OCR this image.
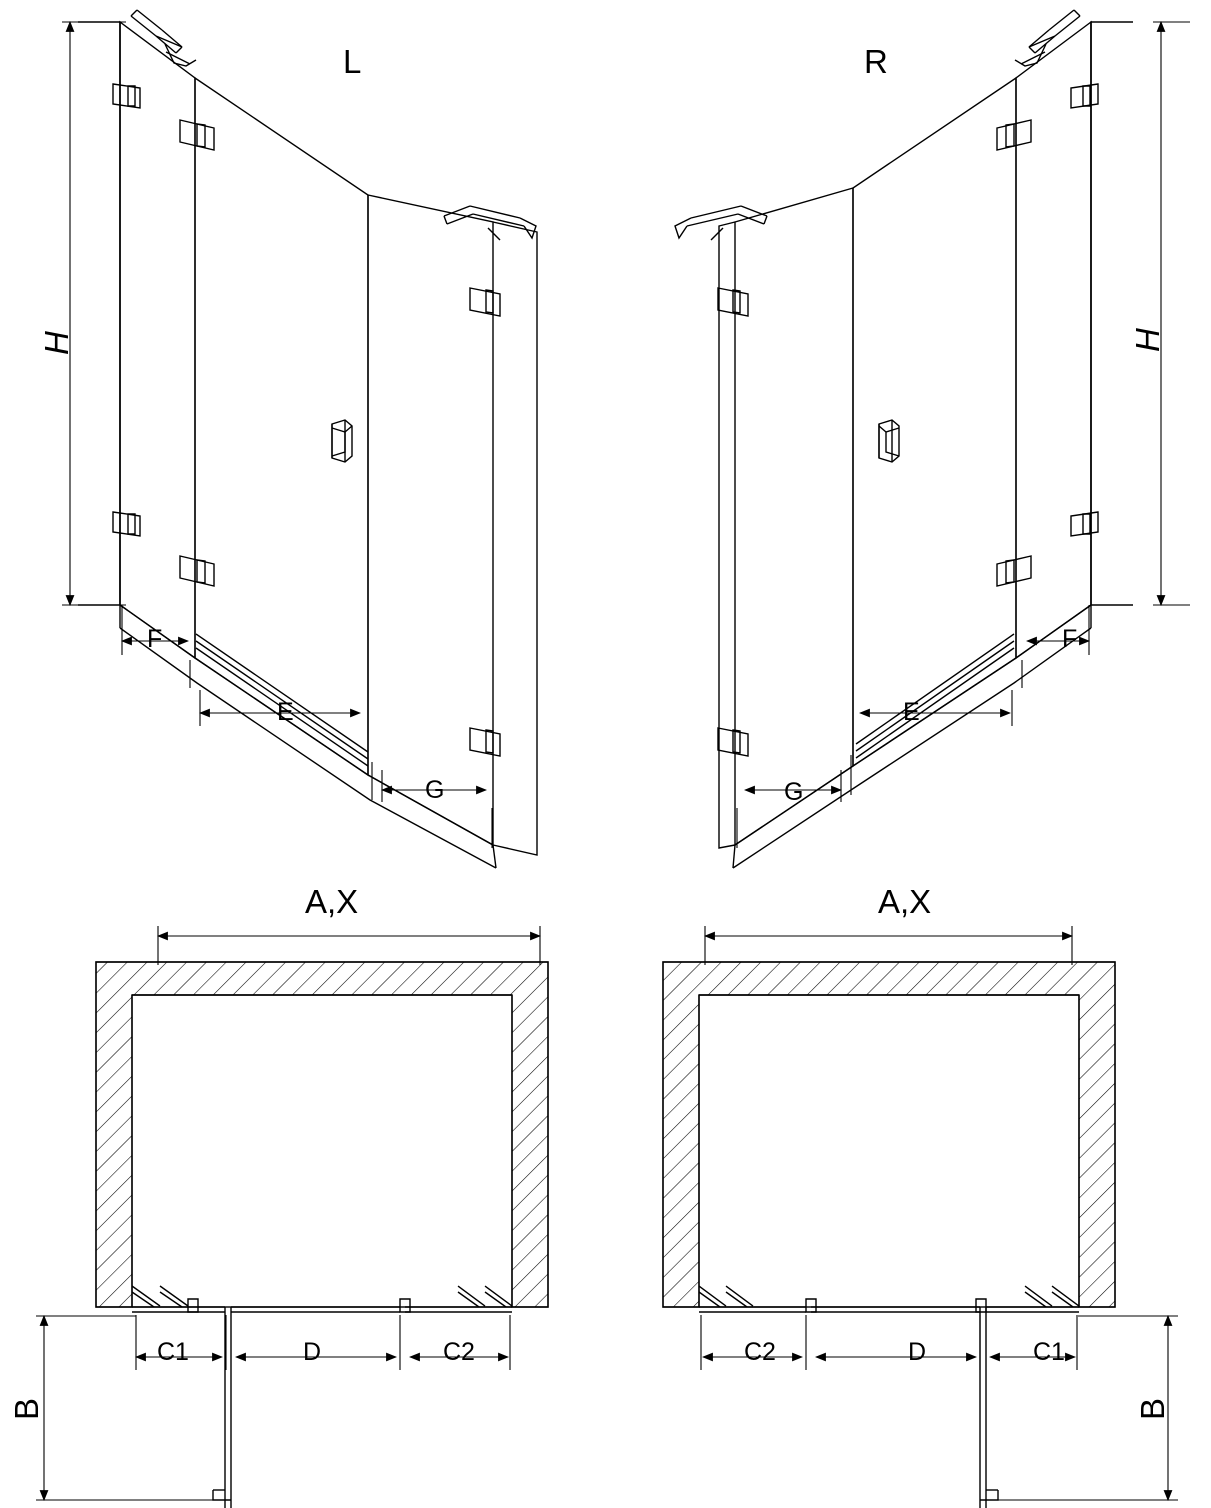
L	R
H	H
F
E
G
F
E
G
A,X	A,X
C1	D	C2	C2	D	C1
B	B
